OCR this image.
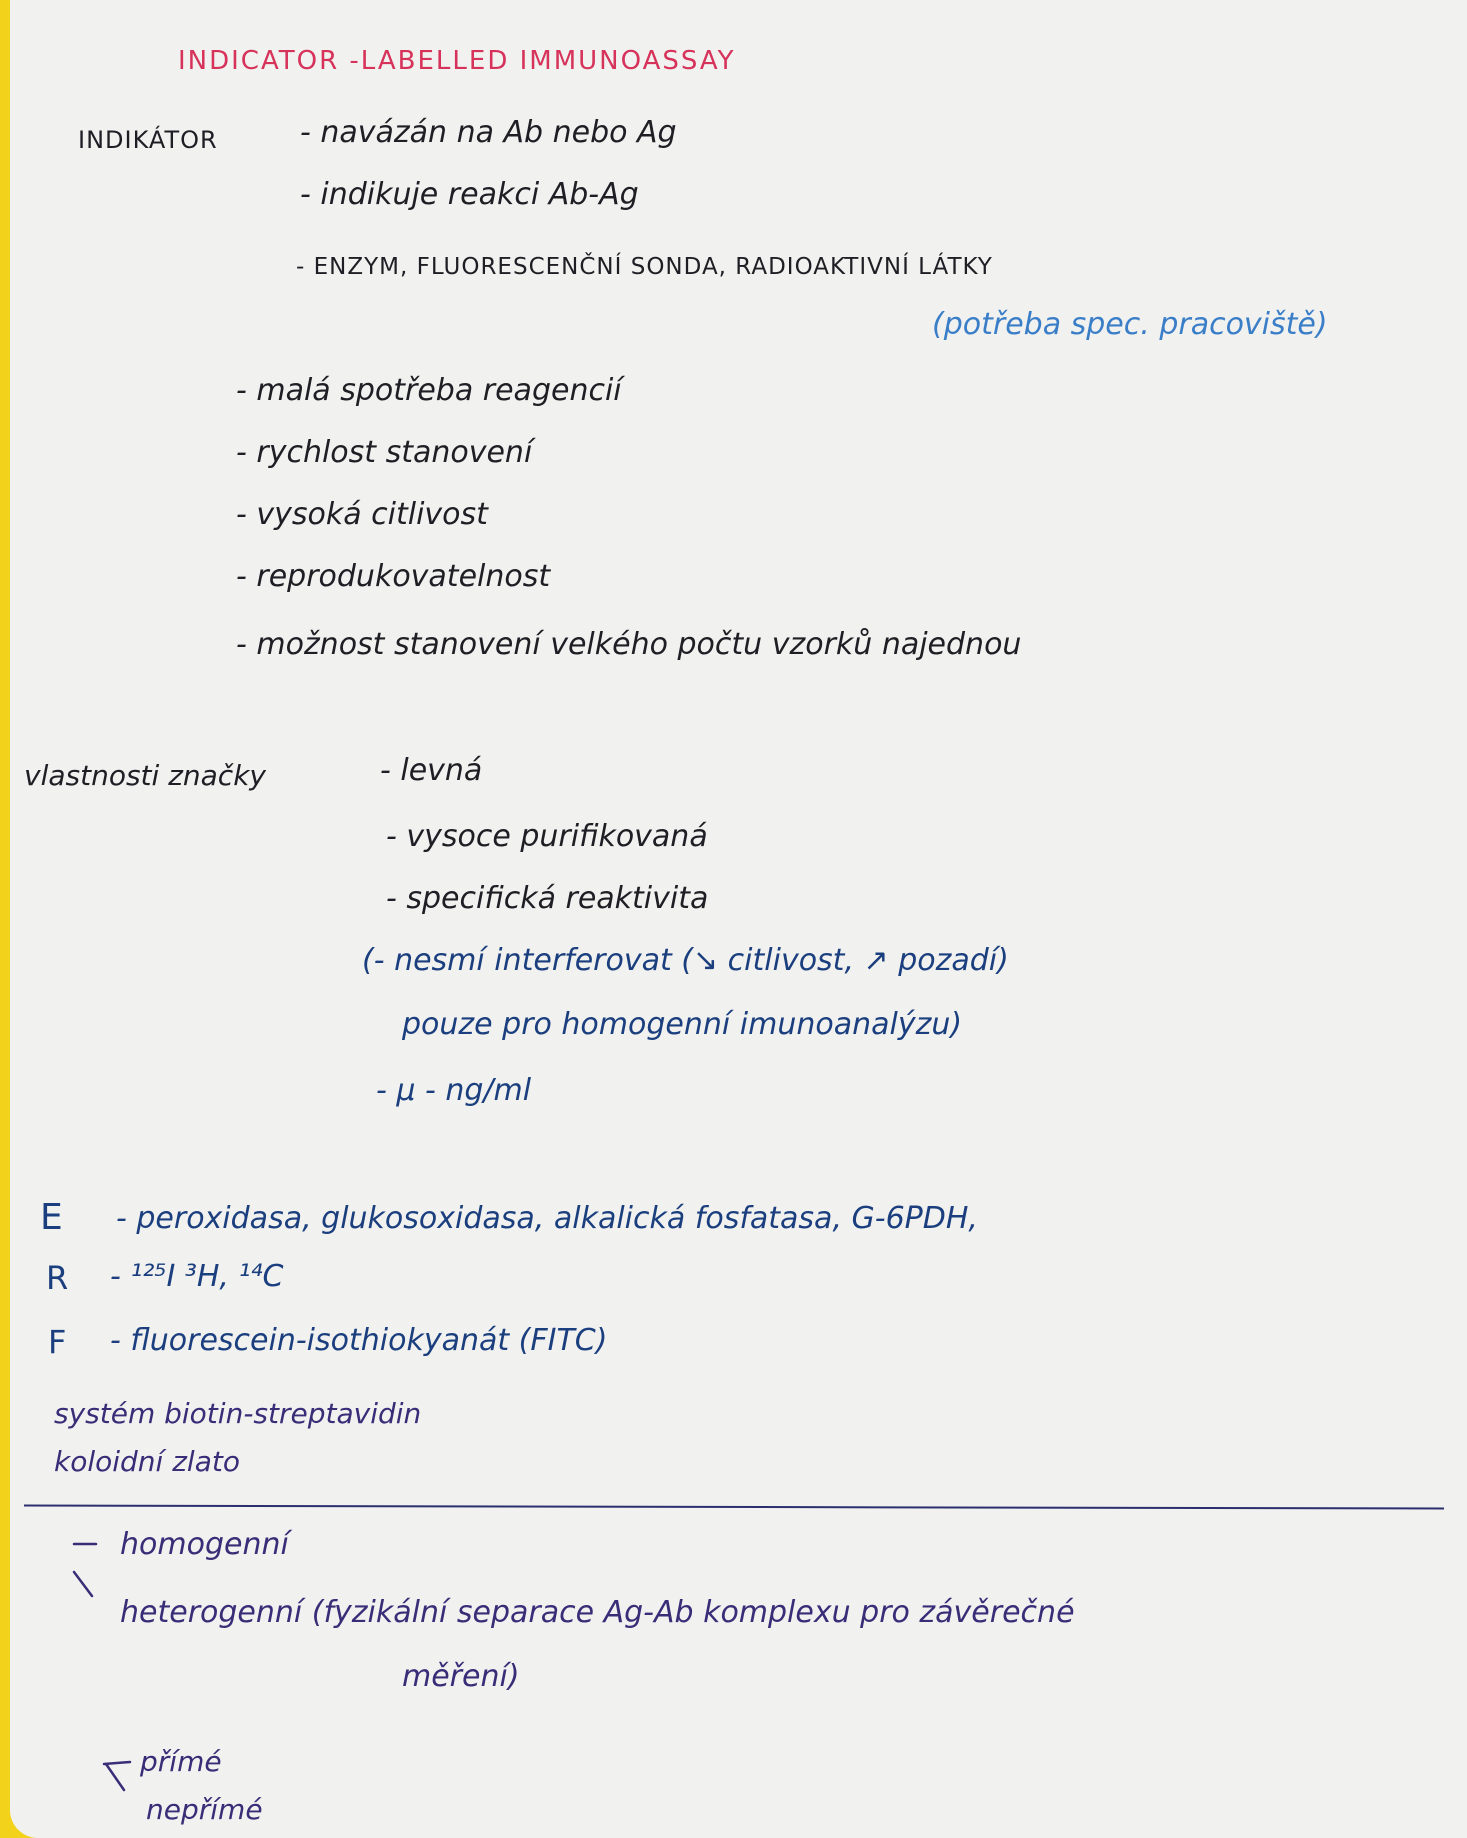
INDICATOR -LABELLED IMMUNOASSAY
INDIKÁTOR	- navázán na Ab nebo Ag
- indikuje reakci Ab-Ag
- ENZYM, FLUORESCENČNÍ SONDA, RADIOAKTIVNÍ LÁTKY
(potřeba spec. pracoviště)
- malá spotřeba reagencií
- rychlost stanovení
- vysoká citlivost
- reprodukovatelnost
- možnost stanovení velkého počtu vzorků najednou
vlastnosti značky	- levná
- vysoce purifikovaná
- specifická reaktivita
(- nesmí interferovat (↘ citlivost, ↗ pozadí)
pouze pro homogenní imunoanalýzu)
- μ - ng/ml
E - peroxidasa, glukosoxidasa, alkalická fosfatasa, G-6PDH,
R - ¹²⁵I ³H, ¹⁴C
F - fluorescein-isothiokyanát (FITC)
systém biotin-streptavidin
koloidní zlato
homogenní
heterogenní (fyzikální separace Ag-Ab komplexu pro závěrečné
měření)
přímé
nepřímé
